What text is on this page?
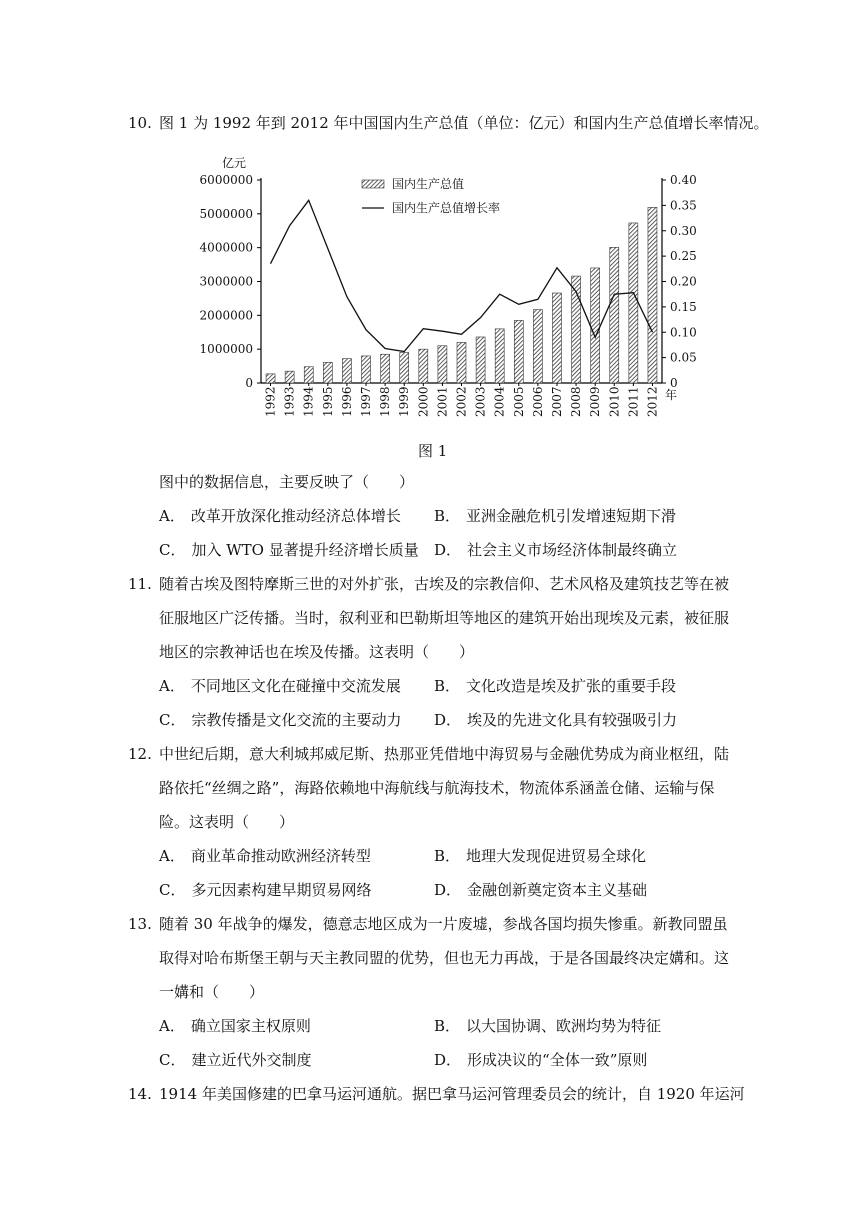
10. 图 1 为 1992 年到 2012 年中国国内生产总值（单位：亿元）和国内生产总值增长率情况。
0
1000000
2000000
3000000
4000000
5000000
6000000
亿元
0
0.05
0.10
0.15
0.20
0.25
0.30
0.35
0.40
1992 1993 1994 1995 1996 1997 1998 1999 2000 2001 2002 2003 2004 2005 2006 2007 2008 2009 2010 2011 2012 年
国内生产总值
国内生产总值增长率
图 1
图中的数据信息，主要反映了（　　）
A． 改革开放深化推动经济总体增长 B． 亚洲金融危机引发增速短期下滑
C． 加入 WTO 显著提升经济增长质量 D． 社会主义市场经济体制最终确立
11. 随着古埃及图特摩斯三世的对外扩张，古埃及的宗教信仰、艺术风格及建筑技艺等在被
征服地区广泛传播。当时，叙利亚和巴勒斯坦等地区的建筑开始出现埃及元素，被征服
地区的宗教神话也在埃及传播。这表明（　　）
A． 不同地区文化在碰撞中交流发展 B． 文化改造是埃及扩张的重要手段
C． 宗教传播是文化交流的主要动力 D． 埃及的先进文化具有较强吸引力
12. 中世纪后期，意大利城邦威尼斯、热那亚凭借地中海贸易与金融优势成为商业枢纽，陆
路依托“丝绸之路”，海路依赖地中海航线与航海技术，物流体系涵盖仓储、运输与保
险。这表明（　　）
A． 商业革命推动欧洲经济转型	B． 地理大发现促进贸易全球化
C． 多元因素构建早期贸易网络	D． 金融创新奠定资本主义基础
13. 随着 30 年战争的爆发，德意志地区成为一片废墟，参战各国均损失惨重。新教同盟虽
取得对哈布斯堡王朝与天主教同盟的优势，但也无力再战，于是各国最终决定媾和。这
一媾和（　　）
A． 确立国家主权原则	B． 以大国协调、欧洲均势为特征
C． 建立近代外交制度	D． 形成决议的“全体一致”原则
14. 1914 年美国修建的巴拿马运河通航。据巴拿马运河管理委员会的统计，自 1920 年运河
